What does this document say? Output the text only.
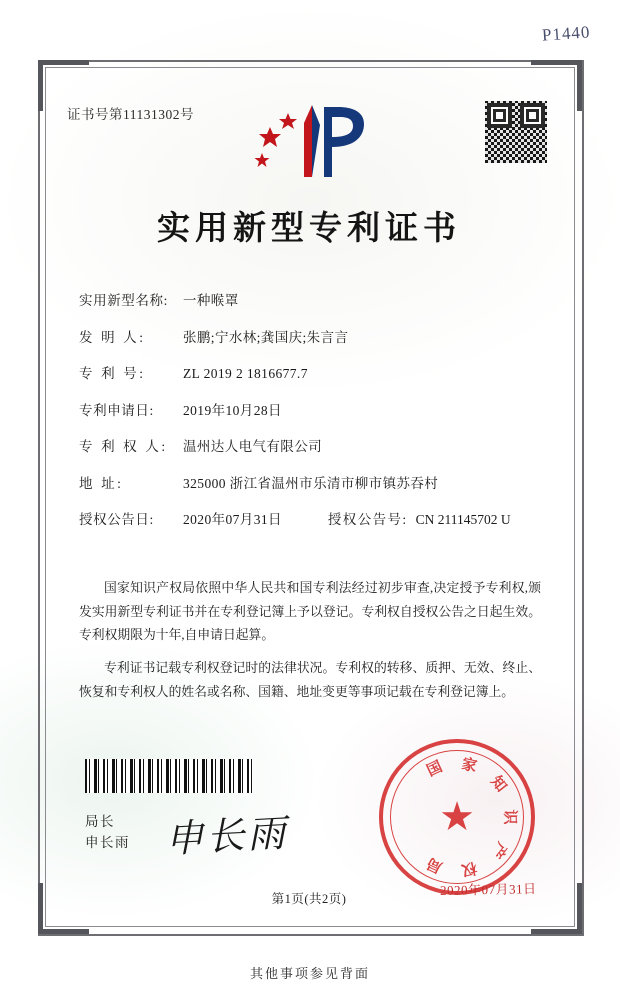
P1440
证书号第11131302号
实用新型专利证书
实用新型名称:	一种喉罩
发 明 人:	张鹏;宁水林;龚国庆;朱言言
专 利 号:	ZL 2019 2 1816677.7
专利申请日:	2019年10月28日
专 利 权 人:	温州达人电气有限公司
地 址:	325000 浙江省温州市乐清市柳市镇苏吞村
授权公告日:	2020年07月31日	授权公告号: CN 211145702 U

国家知识产权局依照中华人民共和国专利法经过初步审查,决定授予专利权,颁发实用新型专利证书并在专利登记簿上予以登记。专利权自授权公告之日起生效。专利权期限为十年,自申请日起算。

专利证书记载专利权登记时的法律状况。专利权的转移、质押、无效、终止、恢复和专利权人的姓名或名称、国籍、地址变更等事项记载在专利登记簿上。

局长
申长雨 申长雨	★
国 家
知
识
产
权
局
2020年07月31日
第1页(共2页)
其他事项参见背面
